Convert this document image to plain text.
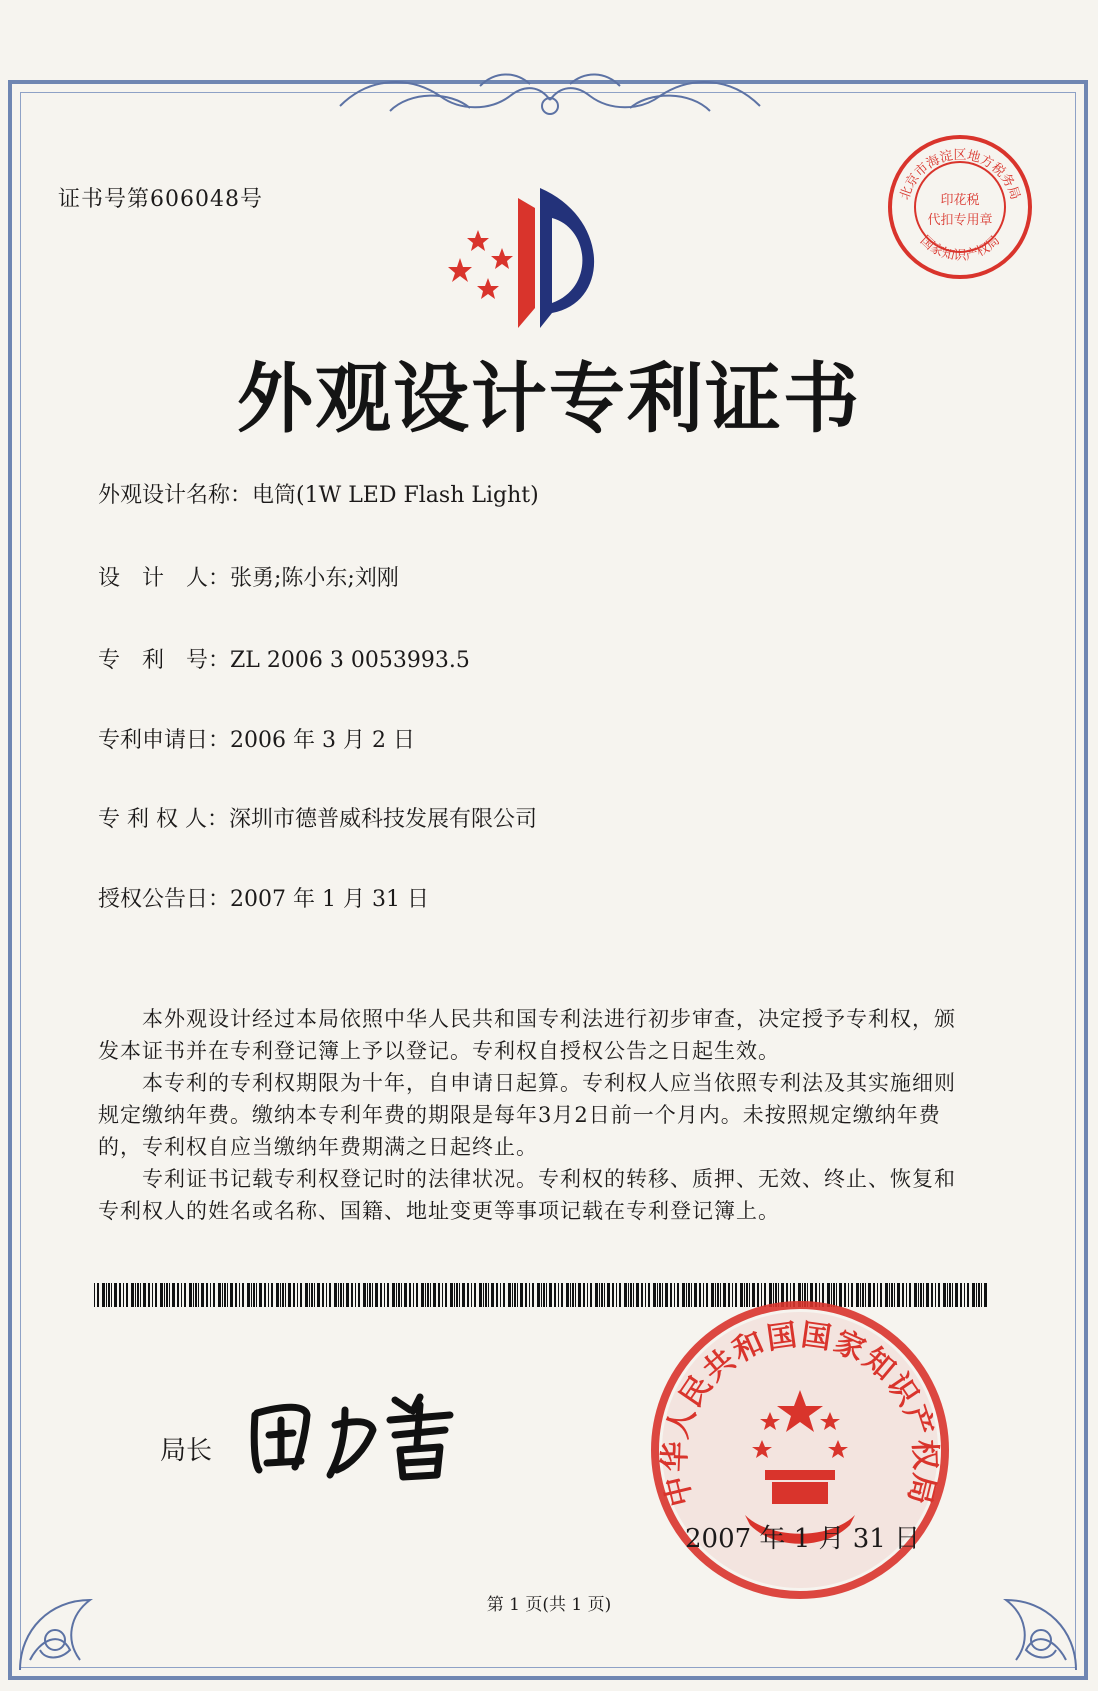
证书号第606048号
外观设计专利证书
外观设计名称：电筒(1W LED Flash Light)
设　计　人：张勇;陈小东;刘刚
专　利　号：ZL 2006 3 0053993.5
专利申请日：2006 年 3 月 2 日
专 利 权 人：深圳市德普威科技发展有限公司
授权公告日：2007 年 1 月 31 日

本外观设计经过本局依照中华人民共和国专利法进行初步审查，决定授予专利权，颁发本证书并在专利登记簿上予以登记。专利权自授权公告之日起生效。

本专利的专利权期限为十年，自申请日起算。专利权人应当依照专利法及其实施细则规定缴纳年费。缴纳本专利年费的期限是每年3月2日前一个月内。未按照规定缴纳年费的，专利权自应当缴纳年费期满之日起终止。

专利证书记载专利权登记时的法律状况。专利权的转移、质押、无效、终止、恢复和专利权人的姓名或名称、国籍、地址变更等事项记载在专利登记簿上。

局长
中华人民共和国国家知识产权局
北京市海淀区地方税务局
印花税
代扣专用章
国家知识产权局
2007 年 1 月 31 日
第 1 页(共 1 页)
